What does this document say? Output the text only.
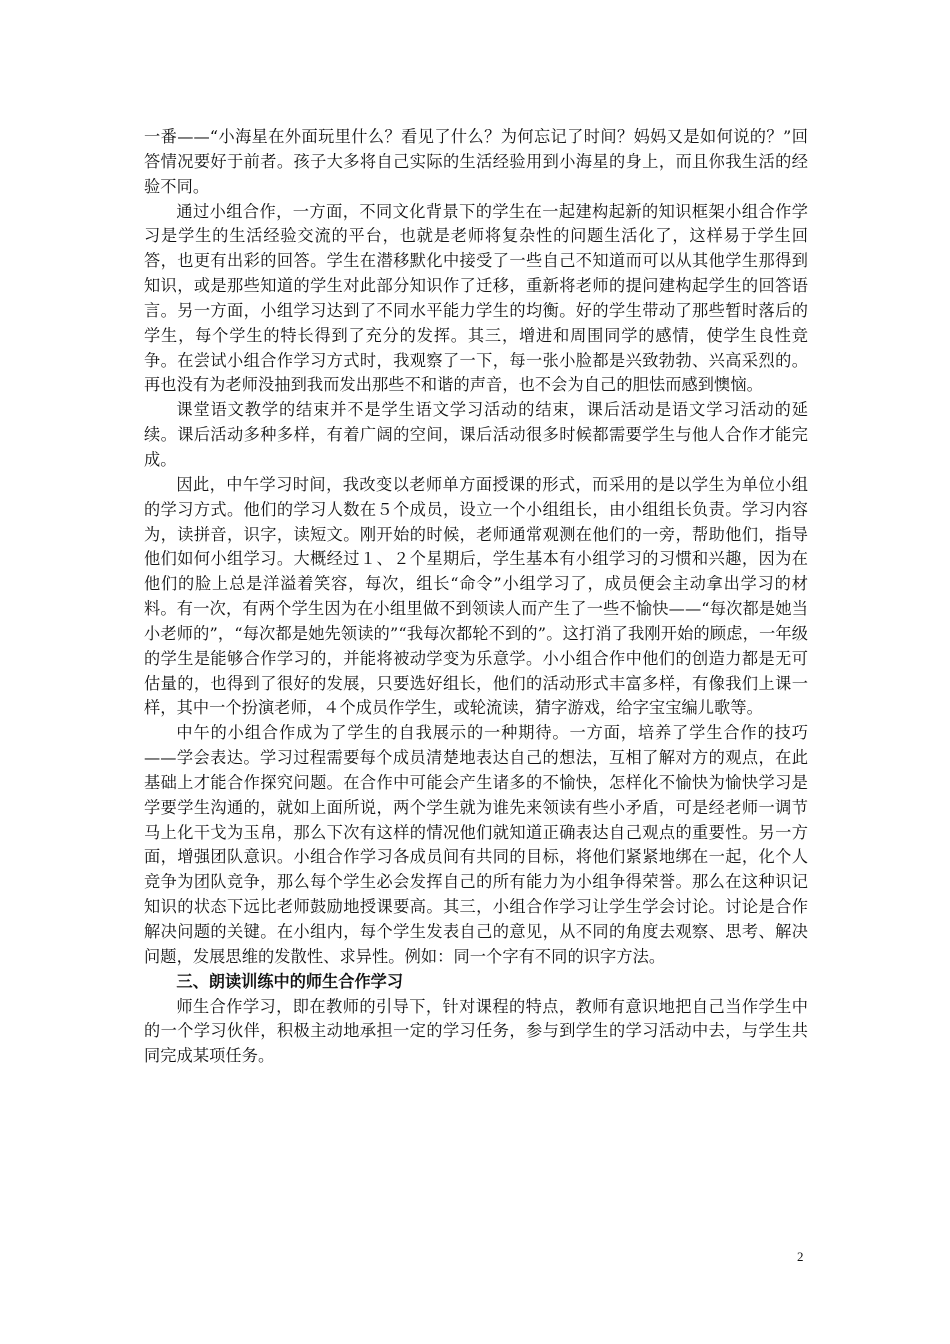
一番——“小海星在外面玩里什么？看见了什么？为何忘记了时间？妈妈又是如何说的？”回答情况要好于前者。孩子大多将自己实际的生活经验用到小海星的身上，而且你我生活的经验不同。

通过小组合作，一方面，不同文化背景下的学生在一起建构起新的知识框架小组合作学习是学生的生活经验交流的平台，也就是老师将复杂性的问题生活化了，这样易于学生回答，也更有出彩的回答。学生在潜移默化中接受了一些自己不知道而可以从其他学生那得到知识，或是那些知道的学生对此部分知识作了迁移，重新将老师的提问建构起学生的回答语言。另一方面，小组学习达到了不同水平能力学生的均衡。好的学生带动了那些暂时落后的学生，每个学生的特长得到了充分的发挥。其三，增进和周围同学的感情，使学生良性竞争。在尝试小组合作学习方式时，我观察了一下，每一张小脸都是兴致勃勃、兴高采烈的。再也没有为老师没抽到我而发出那些不和谐的声音，也不会为自己的胆怯而感到懊恼。

课堂语文教学的结束并不是学生语文学习活动的结束，课后活动是语文学习活动的延续。课后活动多种多样，有着广阔的空间，课后活动很多时候都需要学生与他人合作才能完成。

因此，中午学习时间，我改变以老师单方面授课的形式，而采用的是以学生为单位小组的学习方式。他们的学习人数在５个成员，设立一个小组组长，由小组组长负责。学习内容为，读拼音，识字，读短文。刚开始的时候，老师通常观测在他们的一旁，帮助他们，指导他们如何小组学习。大概经过１、２个星期后，学生基本有小组学习的习惯和兴趣，因为在他们的脸上总是洋溢着笑容，每次，组长“命令”小组学习了，成员便会主动拿出学习的材料。有一次，有两个学生因为在小组里做不到领读人而产生了一些不愉快——“每次都是她当小老师的”，“每次都是她先领读的”“我每次都轮不到的”。这打消了我刚开始的顾虑，一年级的学生是能够合作学习的，并能将被动学变为乐意学。小小组合作中他们的创造力都是无可估量的，也得到了很好的发展，只要选好组长，他们的活动形式丰富多样，有像我们上课一样，其中一个扮演老师，４个成员作学生，或轮流读，猜字游戏，给字宝宝编儿歌等。

中午的小组合作成为了学生的自我展示的一种期待。一方面，培养了学生合作的技巧——学会表达。学习过程需要每个成员清楚地表达自己的想法，互相了解对方的观点，在此基础上才能合作探究问题。在合作中可能会产生诸多的不愉快，怎样化不愉快为愉快学习是学要学生沟通的，就如上面所说，两个学生就为谁先来领读有些小矛盾，可是经老师一调节马上化干戈为玉帛，那么下次有这样的情况他们就知道正确表达自己观点的重要性。另一方面，增强团队意识。小组合作学习各成员间有共同的目标，将他们紧紧地绑在一起，化个人竞争为团队竞争，那么每个学生必会发挥自己的所有能力为小组争得荣誉。那么在这种识记知识的状态下远比老师鼓励地授课要高。其三，小组合作学习让学生学会讨论。讨论是合作解决问题的关键。在小组内，每个学生发表自己的意见，从不同的角度去观察、思考、解决问题，发展思维的发散性、求异性。例如：同一个字有不同的识字方法。

三、朗读训练中的师生合作学习

师生合作学习，即在教师的引导下，针对课程的特点，教师有意识地把自己当作学生中的一个学习伙伴，积极主动地承担一定的学习任务，参与到学生的学习活动中去，与学生共同完成某项任务。

2
